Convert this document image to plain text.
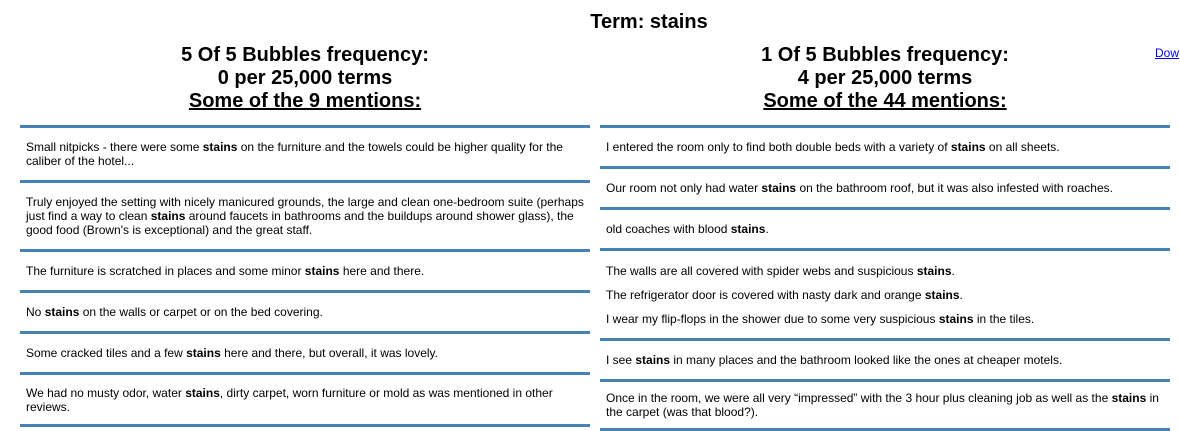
Term: stains
Dow
5 Of 5 Bubbles frequency:
0 per 25,000 terms
Some of the 9 mentions:

Small nitpicks - there were some stains on the furniture and the towels could be higher quality for the caliber of the hotel...

Truly enjoyed the setting with nicely manicured grounds, the large and clean one-bedroom suite (perhaps just find a way to clean stains around faucets in bathrooms and the buildups around shower glass), the good food (Brown's is exceptional) and the great staff.

The furniture is scratched in places and some minor stains here and there.

No stains on the walls or carpet or on the bed covering.

Some cracked tiles and a few stains here and there, but overall, it was lovely.

We had no musty odor, water stains, dirty carpet, worn furniture or mold as was mentioned in other reviews.

1 Of 5 Bubbles frequency:
4 per 25,000 terms
Some of the 44 mentions:

I entered the room only to find both double beds with a variety of stains on all sheets.

Our room not only had water stains on the bathroom roof, but it was also infested with roaches.

old coaches with blood stains.

The walls are all covered with spider webs and suspicious stains.

The refrigerator door is covered with nasty dark and orange stains.

I wear my flip-flops in the shower due to some very suspicious stains in the tiles.

I see stains in many places and the bathroom looked like the ones at cheaper motels.

Once in the room, we were all very “impressed” with the 3 hour plus cleaning job as well as the stains in the carpet (was that blood?).
